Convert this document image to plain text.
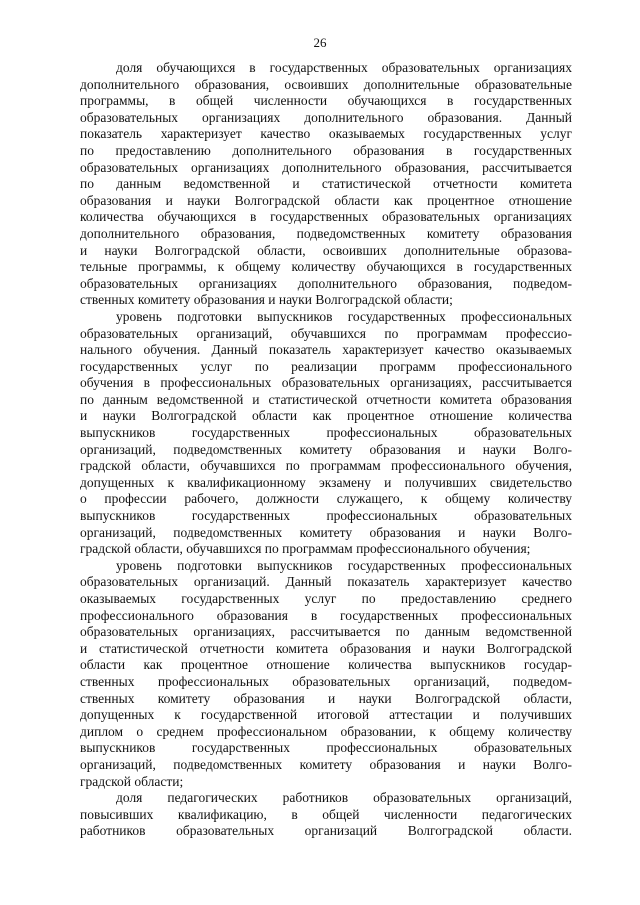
26
доля обучающихся в государственных образовательных организациях
дополнительного образования, освоивших дополнительные образовательные
программы, в общей численности обучающихся в государственных
образовательных организациях дополнительного образования. Данный
показатель характеризует качество оказываемых государственных услуг
по предоставлению дополнительного образования в государственных
образовательных организациях дополнительного образования, рассчитывается
по данным ведомственной и статистической отчетности комитета
образования и науки Волгоградской области как процентное отношение
количества обучающихся в государственных образовательных организациях
дополнительного образования, подведомственных комитету образования
и науки Волгоградской области, освоивших дополнительные образова-
тельные программы, к общему количеству обучающихся в государственных
образовательных организациях дополнительного образования, подведом-
ственных комитету образования и науки Волгоградской области;
уровень подготовки выпускников государственных профессиональных
образовательных организаций, обучавшихся по программам профессио-
нального обучения. Данный показатель характеризует качество оказываемых
государственных услуг по реализации программ профессионального
обучения в профессиональных образовательных организациях, рассчитывается
по данным ведомственной и статистической отчетности комитета образования
и науки Волгоградской области как процентное отношение количества
выпускников государственных профессиональных образовательных
организаций, подведомственных комитету образования и науки Волго-
градской области, обучавшихся по программам профессионального обучения,
допущенных к квалификационному экзамену и получивших свидетельство
о профессии рабочего, должности служащего, к общему количеству
выпускников государственных профессиональных образовательных
организаций, подведомственных комитету образования и науки Волго-
градской области, обучавшихся по программам профессионального обучения;
уровень подготовки выпускников государственных профессиональных
образовательных организаций. Данный показатель характеризует качество
оказываемых государственных услуг по предоставлению среднего
профессионального образования в государственных профессиональных
образовательных организациях, рассчитывается по данным ведомственной
и статистической отчетности комитета образования и науки Волгоградской
области как процентное отношение количества выпускников государ-
ственных профессиональных образовательных организаций, подведом-
ственных комитету образования и науки Волгоградской области,
допущенных к государственной итоговой аттестации и получивших
диплом о среднем профессиональном образовании, к общему количеству
выпускников государственных профессиональных образовательных
организаций, подведомственных комитету образования и науки Волго-
градской области;
доля педагогических работников образовательных организаций,
повысивших квалификацию, в общей численности педагогических
работников образовательных организаций Волгоградской области.
